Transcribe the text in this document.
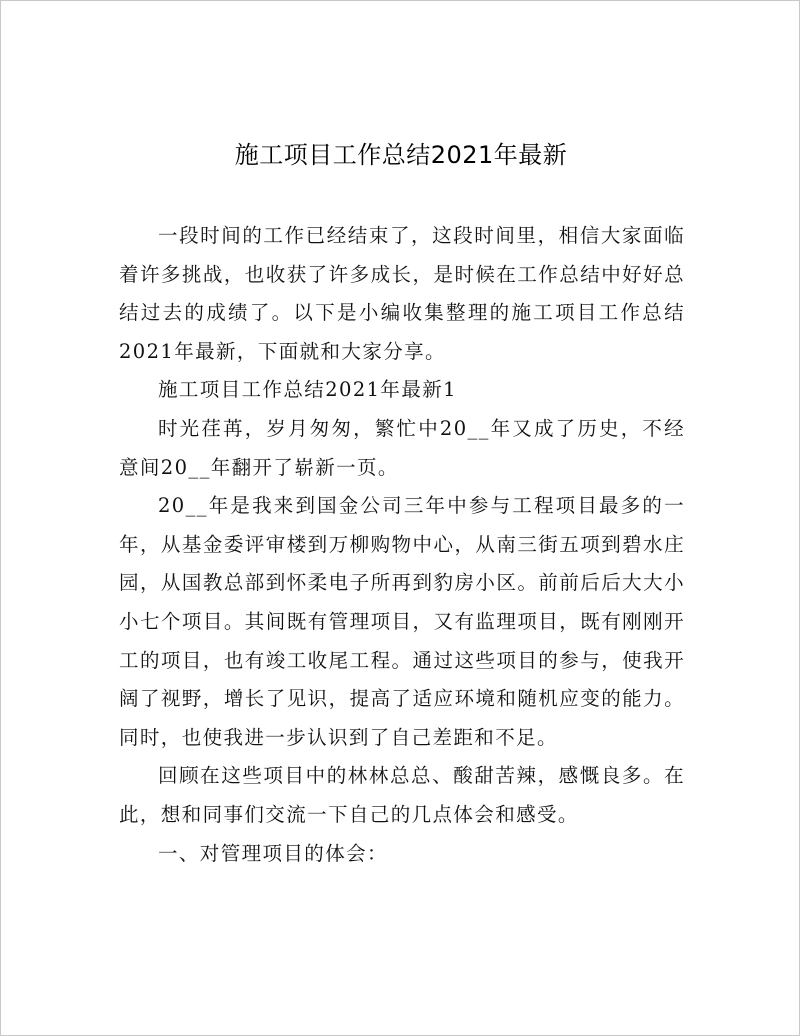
施工项目工作总结2021年最新

一段时间的工作已经结束了，这段时间里，相信大家面临着许多挑战，也收获了许多成长，是时候在工作总结中好好总结过去的成绩了。以下是小编收集整理的施工项目工作总结2021年最新，下面就和大家分享。

施工项目工作总结2021年最新1

时光荏苒，岁月匆匆，繁忙中20__年又成了历史，不经意间20__年翻开了崭新一页。

20__年是我来到国金公司三年中参与工程项目最多的一年，从基金委评审楼到万柳购物中心，从南三街五项到碧水庄园，从国教总部到怀柔电子所再到豹房小区。前前后后大大小小七个项目。其间既有管理项目，又有监理项目，既有刚刚开工的项目，也有竣工收尾工程。通过这些项目的参与，使我开阔了视野，增长了见识，提高了适应环境和随机应变的能力。同时，也使我进一步认识到了自己差距和不足。

回顾在这些项目中的林林总总、酸甜苦辣，感慨良多。在此，想和同事们交流一下自己的几点体会和感受。

一、对管理项目的体会：
